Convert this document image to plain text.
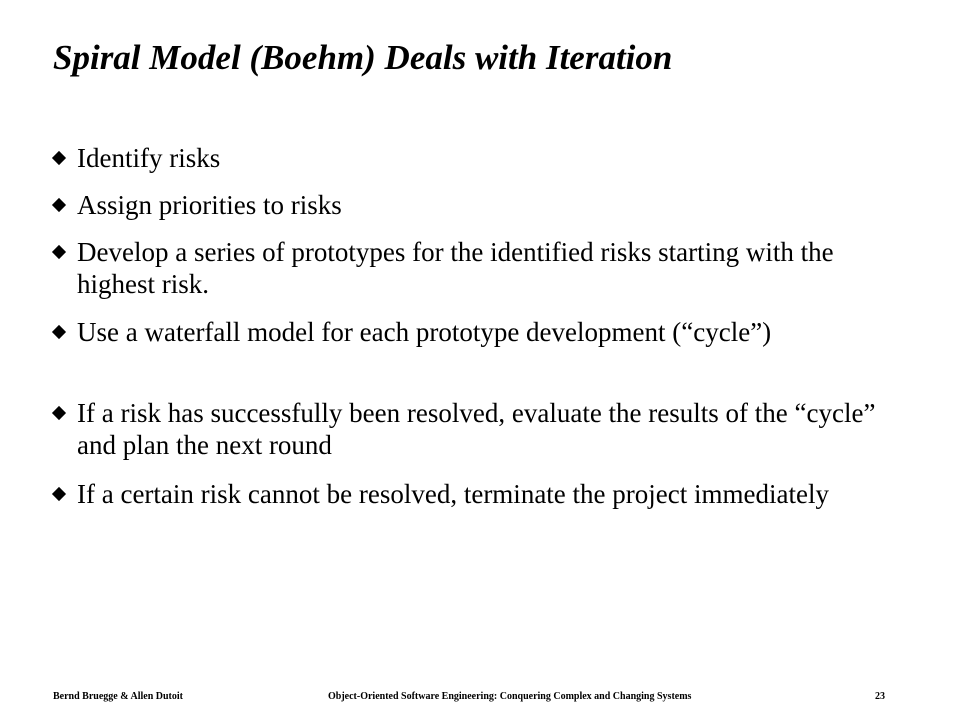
Spiral Model (Boehm) Deals with Iteration
Identify risks
Assign priorities to risks
Develop a series of prototypes for the identified risks starting with the highest risk.
Use a waterfall model for each prototype development (“cycle”)
If a risk has successfully been resolved, evaluate the results of the “cycle” and plan the next round
If a certain risk cannot be resolved, terminate the project immediately
Bernd Bruegge & Allen Dutoit	Object-Oriented Software Engineering: Conquering Complex and Changing Systems	23
